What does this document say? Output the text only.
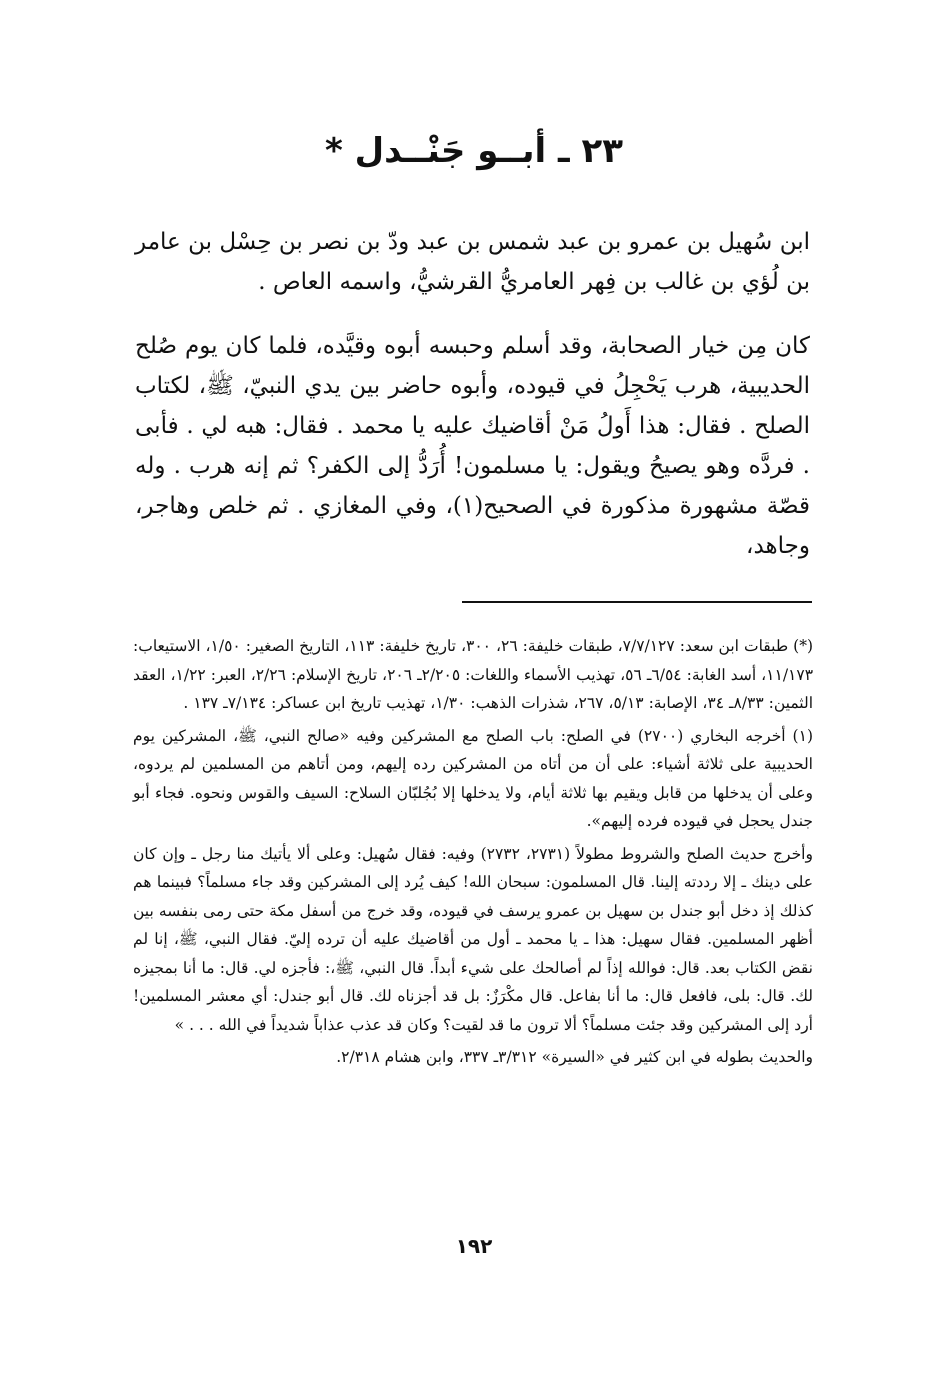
٢٣ ـ أبــو جَنْــدل *

ابن سُهيل بن عمرو بن عبد شمس بن عبد ودّ بن نصر بن حِسْل بن عامر بن لُؤي بن غالب بن فِهر العامريُّ القرشيُّ، واسمه العاص .

كان مِن خيار الصحابة، وقد أسلم وحبسه أبوه وقيَّده، فلما كان يوم صُلح الحديبية، هرب يَحْجِلُ في قيوده، وأبوه حاضر بين يدي النبيّ، ﷺ، لكتاب الصلح . فقال: هذا أَولُ مَنْ أقاضيك عليه يا محمد . فقال: هبه لي . فأبى . فردَّه وهو يصيحُ ويقول: يا مسلمون! أُرَدُّ إلى الكفر؟ ثم إنه هرب . وله قصّة مشهورة مذكورة في الصحيح(١)، وفي المغازي . ثم خلص وهاجر، وجاهد،

(*) طبقات ابن سعد: ٧/٧/١٢٧، طبقات خليفة: ٢٦، ٣٠٠، تاريخ خليفة: ١١٣، التاريخ الصغير: ١/٥٠، الاستيعاب: ١١/١٧٣، أسد الغابة: ٦/٥٤ـ ٥٦، تهذيب الأسماء واللغات: ٢/٢٠٥ـ ٢٠٦، تاريخ الإسلام: ٢/٢٦، العبر: ١/٢٢، العقد الثمين: ٨/٣٣ـ ٣٤، الإصابة: ٥/١٣، ٢٦٧، شذرات الذهب: ١/٣٠، تهذيب تاريخ ابن عساكر: ٧/١٣٤ـ ١٣٧ .

(١) أخرجه البخاري (٢٧٠٠) في الصلح: باب الصلح مع المشركين وفيه «صالح النبي، ﷺ، المشركين يوم الحديبية على ثلاثة أشياء: على أن من أتاه من المشركين رده إليهم، ومن أتاهم من المسلمين لم يردوه، وعلى أن يدخلها من قابل ويقيم بها ثلاثة أيام، ولا يدخلها إلا بُجُلبّان السلاح: السيف والقوس ونحوه. فجاء أبو جندل يحجل في قيوده فرده إليهم».

وأخرج حديث الصلح والشروط مطولاً (٢٧٣١، ٢٧٣٢) وفيه: فقال سُهيل: وعلى ألا يأتيك منا رجل ـ وإن كان على دينك ـ إلا رددته إلينا. قال المسلمون: سبحان الله! كيف يُرد إلى المشركين وقد جاء مسلماً؟ فبينما هم كذلك إذ دخل أبو جندل بن سهيل بن عمرو يرسف في قيوده، وقد خرج من أسفل مكة حتى رمى بنفسه بين أظهر المسلمين. فقال سهيل: هذا ـ يا محمد ـ أول من أقاضيك عليه أن ترده إليّ. فقال النبي، ﷺ، إنا لم نقض الكتاب بعد. قال: فوالله إذاً لم أصالحك على شيء أبداً. قال النبي، ﷺ،: فأجزه لي. قال: ما أنا بمجيزه لك. قال: بلى، فافعل قال: ما أنا بفاعل. قال مكْرَزٌ: بل قد أجزناه لك. قال أبو جندل: أي معشر المسلمين! أرد إلى المشركين وقد جئت مسلماً؟ ألا ترون ما قد لقيت؟ وكان قد عذب عذاباً شديداً في الله . . . »

والحديث بطوله في ابن كثير في «السيرة» ٣/٣١٢ـ ٣٣٧، وابن هشام ٢/٣١٨.

١٩٢
